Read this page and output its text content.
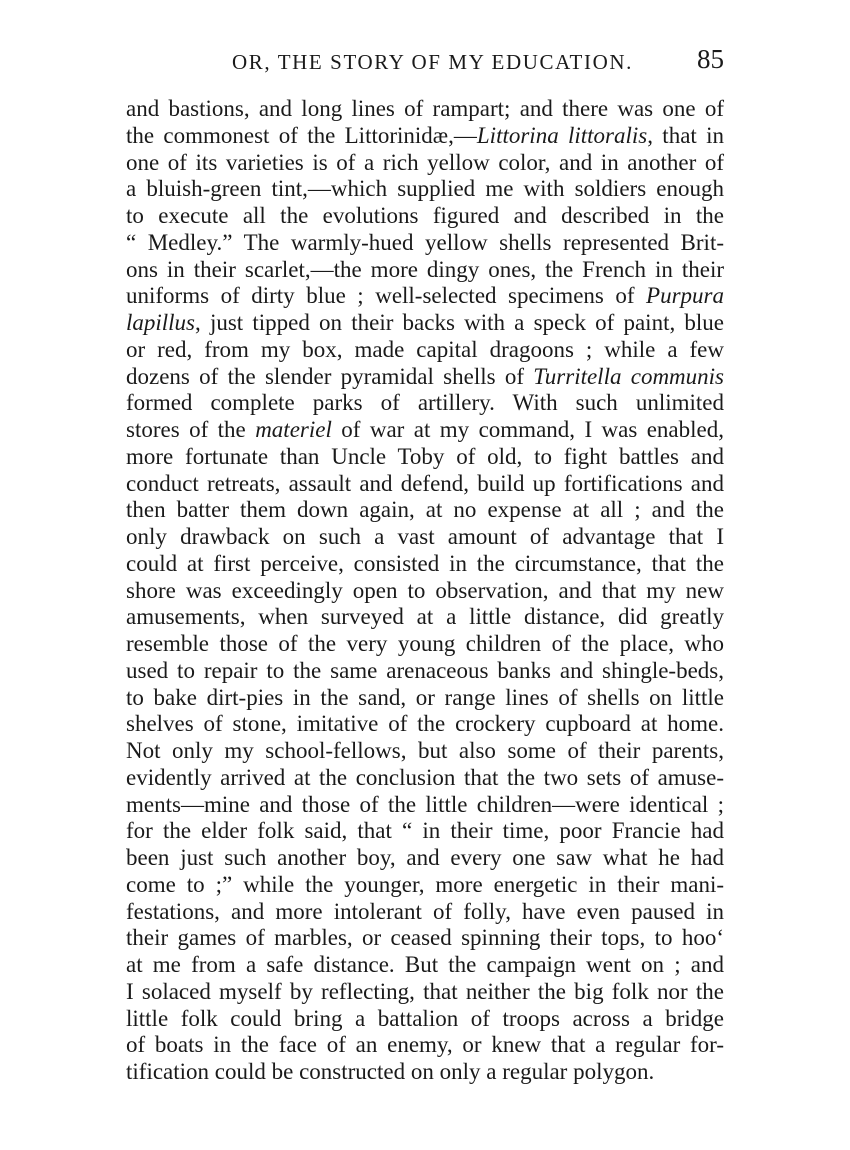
OR, THE STORY OF MY EDUCATION. 85
and bastions, and long lines of rampart; and there was one of
the commonest of the Littorinidæ,—Littorina littoralis, that in
one of its varieties is of a rich yellow color, and in another of
a bluish-green tint,—which supplied me with soldiers enough
to execute all the evolutions figured and described in the
“ Medley.” The warmly-hued yellow shells represented Brit-
ons in their scarlet,—the more dingy ones, the French in their
uniforms of dirty blue ; well-selected specimens of Purpura
lapillus, just tipped on their backs with a speck of paint, blue
or red, from my box, made capital dragoons ; while a few
dozens of the slender pyramidal shells of Turritella communis
formed complete parks of artillery. With such unlimited
stores of the materiel of war at my command, I was enabled,
more fortunate than Uncle Toby of old, to fight battles and
conduct retreats, assault and defend, build up fortifications and
then batter them down again, at no expense at all ; and the
only drawback on such a vast amount of advantage that I
could at first perceive, consisted in the circumstance, that the
shore was exceedingly open to observation, and that my new
amusements, when surveyed at a little distance, did greatly
resemble those of the very young children of the place, who
used to repair to the same arenaceous banks and shingle-beds,
to bake dirt-pies in the sand, or range lines of shells on little
shelves of stone, imitative of the crockery cupboard at home.
Not only my school-fellows, but also some of their parents,
evidently arrived at the conclusion that the two sets of amuse-
ments—mine and those of the little children—were identical ;
for the elder folk said, that “ in their time, poor Francie had
been just such another boy, and every one saw what he had
come to ;” while the younger, more energetic in their mani-
festations, and more intolerant of folly, have even paused in
their games of marbles, or ceased spinning their tops, to hoo‘
at me from a safe distance. But the campaign went on ; and
I solaced myself by reflecting, that neither the big folk nor the
little folk could bring a battalion of troops across a bridge
of boats in the face of an enemy, or knew that a regular for-
tification could be constructed on only a regular polygon.
